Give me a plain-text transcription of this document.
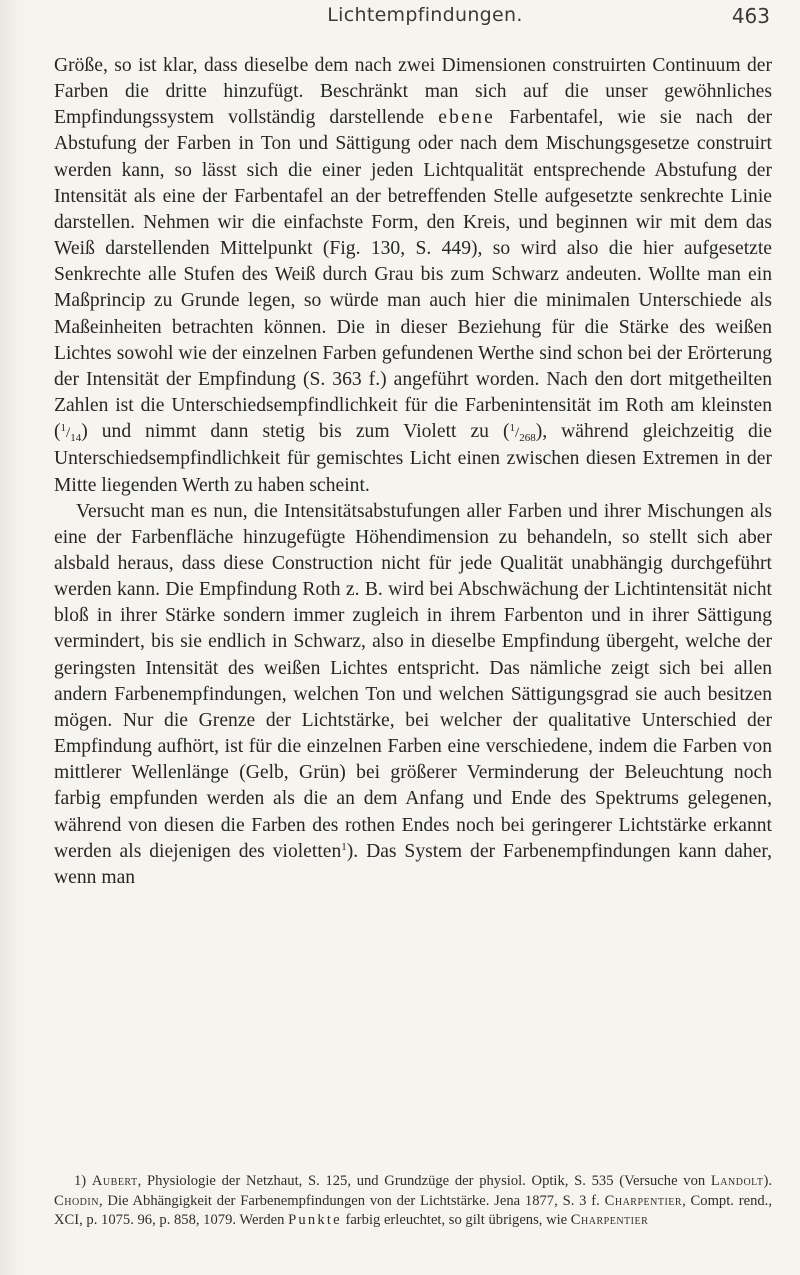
Lichtempfindungen.	463

Größe, so ist klar, dass dieselbe dem nach zwei Dimensionen construirten Continuum der Farben die dritte hinzufügt. Beschränkt man sich auf die unser gewöhnliches Empfindungssystem vollständig darstellende ebene Farbentafel, wie sie nach der Abstufung der Farben in Ton und Sättigung oder nach dem Mischungsgesetze construirt werden kann, so lässt sich die einer jeden Lichtqualität entsprechende Abstufung der Intensität als eine der Farbentafel an der betreffenden Stelle aufgesetzte senkrechte Linie darstellen. Nehmen wir die einfachste Form, den Kreis, und beginnen wir mit dem das Weiß darstellenden Mittelpunkt (Fig. 130, S. 449), so wird also die hier aufgesetzte Senkrechte alle Stufen des Weiß durch Grau bis zum Schwarz andeuten. Wollte man ein Maßprincip zu Grunde legen, so würde man auch hier die minimalen Unterschiede als Maßeinheiten betrachten können. Die in dieser Beziehung für die Stärke des weißen Lichtes sowohl wie der einzelnen Farben gefundenen Werthe sind schon bei der Erörterung der Intensität der Empfindung (S. 363 f.) angeführt worden. Nach den dort mitgetheilten Zahlen ist die Unterschiedsempfindlichkeit für die Farbenintensität im Roth am kleinsten $(^1/_{14})$ und nimmt dann stetig bis zum Violett zu $(^1/_{268})$, während gleichzeitig die Unterschiedsempfindlichkeit für gemischtes Licht einen zwischen diesen Extremen in der Mitte liegenden Werth zu haben scheint.

Versucht man es nun, die Intensitätsabstufungen aller Farben und ihrer Mischungen als eine der Farbenfläche hinzugefügte Höhendimension zu behandeln, so stellt sich aber alsbald heraus, dass diese Construction nicht für jede Qualität unabhängig durchgeführt werden kann. Die Empfindung Roth z. B. wird bei Abschwächung der Lichtintensität nicht bloß in ihrer Stärke sondern immer zugleich in ihrem Farbenton und in ihrer Sättigung vermindert, bis sie endlich in Schwarz, also in dieselbe Empfindung übergeht, welche der geringsten Intensität des weißen Lichtes entspricht. Das nämliche zeigt sich bei allen andern Farbenempfindungen, welchen Ton und welchen Sättigungsgrad sie auch besitzen mögen. Nur die Grenze der Lichtstärke, bei welcher der qualitative Unterschied der Empfindung aufhört, ist für die einzelnen Farben eine verschiedene, indem die Farben von mittlerer Wellenlänge (Gelb, Grün) bei größerer Verminderung der Beleuchtung noch farbig empfunden werden als die an dem Anfang und Ende des Spektrums gelegenen, während von diesen die Farben des rothen Endes noch bei geringerer Lichtstärke erkannt werden als diejenigen des violetten$^1$). Das System der Farbenempfindungen kann daher, wenn man

1) Aubert, Physiologie der Netzhaut, S. 125, und Grundzüge der physiol. Optik, S. 535 (Versuche von Landolt). Chodin, Die Abhängigkeit der Farbenempfindungen von der Lichtstärke. Jena 1877, S. 3 f. Charpentier, Compt. rend., XCI, p. 1075. 96, p. 858, 1079. Werden Punkte farbig erleuchtet, so gilt übrigens, wie Charpentier
